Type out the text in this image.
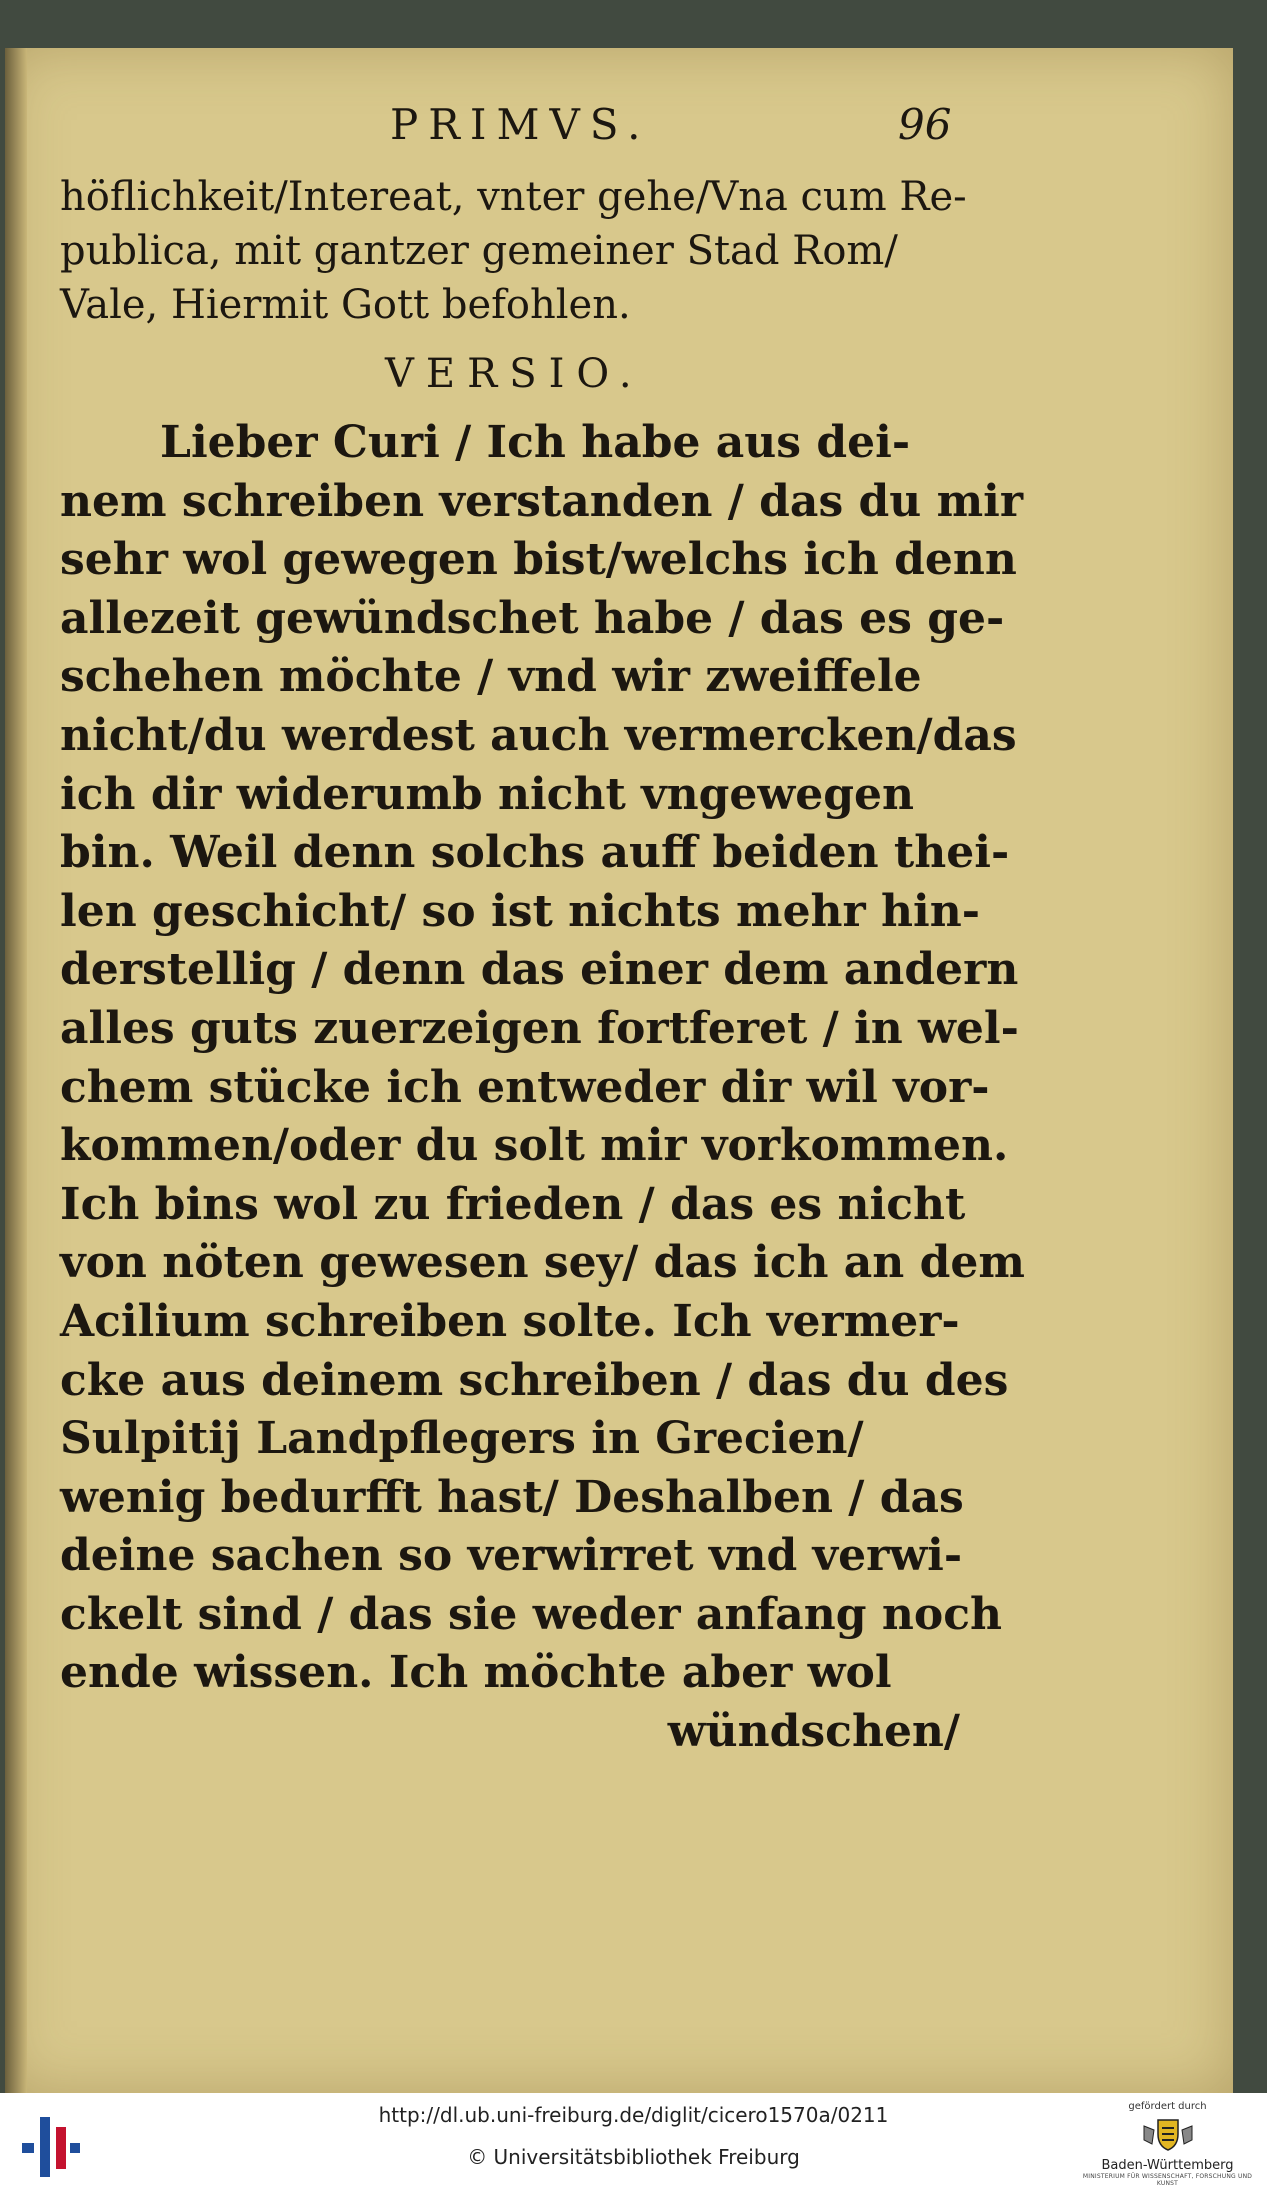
PRIMVS.	96
höflichkeit/Intereat, vnter gehe/Vna cum Re-
publica, mit gantzer gemeiner Stad Rom/
Vale, Hiermit Gott befohlen.
VERSIO.
Lieber Curi / Ich habe aus dei-
nem schreiben verstanden / das du mir
sehr wol gewegen bist/welchs ich denn
allezeit gewündschet habe / das es ge-
schehen möchte / vnd wir zweiffele
nicht/du werdest auch vermercken/das
ich dir widerumb nicht vngewegen
bin. Weil denn solchs auff beiden thei-
len geschicht/ so ist nichts mehr hin-
derstellig / denn das einer dem andern
alles guts zuerzeigen fortferet / in wel-
chem stücke ich entweder dir wil vor-
kommen/oder du solt mir vorkommen.
Ich bins wol zu frieden / das es nicht
von nöten gewesen sey/ das ich an dem
Acilium schreiben solte. Ich vermer-
cke aus deinem schreiben / das du des
Sulpitij Landpflegers in Grecien/
wenig bedurfft hast/ Deshalben / das
deine sachen so verwirret vnd verwi-
ckelt sind / das sie weder anfang noch
ende wissen. Ich möchte aber wol
wündschen/
http://dl.ub.uni-freiburg.de/diglit/cicero1570a/0211
© Universitätsbibliothek Freiburg
gefördert durch
Baden-Württemberg
MINISTERIUM FÜR WISSENSCHAFT, FORSCHUNG UND KUNST
